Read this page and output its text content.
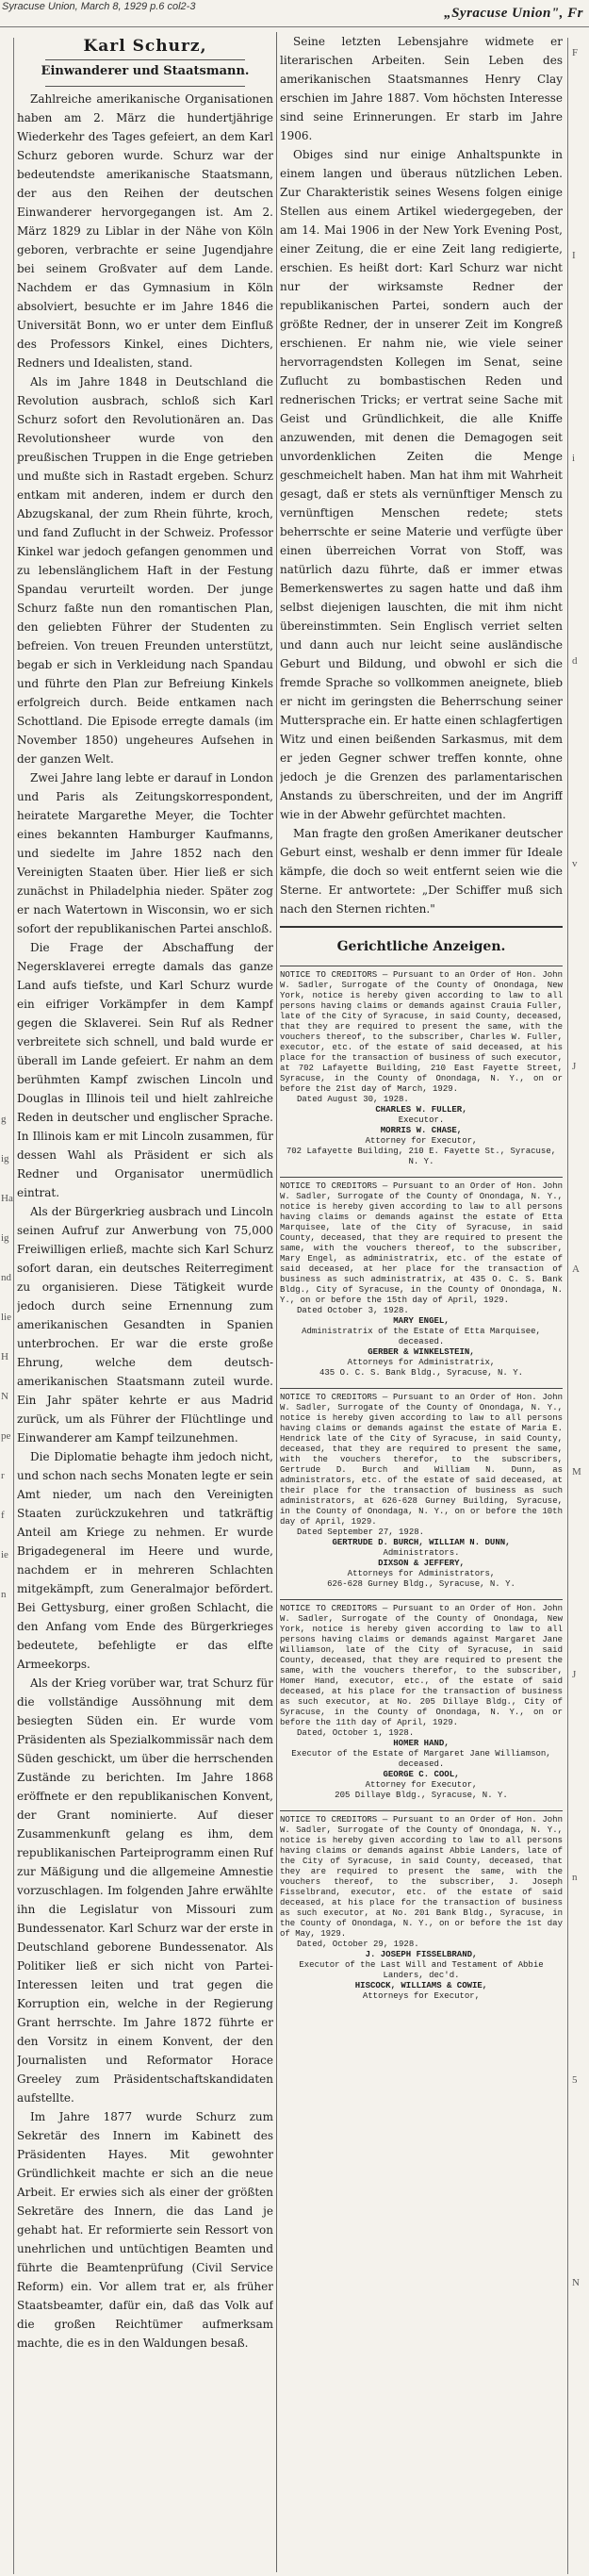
Syracuse Union, March 8, 1929 p.6 col2-3	„Syracuse Union", Fr
g
ig
Ha
ig
nd
lie
H
N
pe
r
f
ie
n
F
I
i
d
v
J
A
M
J
n
5
N
Karl Schurz,
Einwanderer und Staatsmann.

Zahlreiche amerikanische Organisationen haben am 2. März die hundertjährige Wiederkehr des Tages gefeiert, an dem Karl Schurz geboren wurde. Schurz war der bedeutendste amerikanische Staatsmann, der aus den Reihen der deutschen Einwanderer hervorgegangen ist. Am 2. März 1829 zu Liblar in der Nähe von Köln geboren, verbrachte er seine Jugendjahre bei seinem Großvater auf dem Lande. Nachdem er das Gymnasium in Köln absolviert, besuchte er im Jahre 1846 die Universität Bonn, wo er unter dem Einfluß des Professors Kinkel, eines Dichters, Redners und Idealisten, stand.

Als im Jahre 1848 in Deutschland die Revolution ausbrach, schloß sich Karl Schurz sofort den Revolutionären an. Das Revolutionsheer wurde von den preußischen Truppen in die Enge getrieben und mußte sich in Rastadt ergeben. Schurz entkam mit anderen, indem er durch den Abzugskanal, der zum Rhein führte, kroch, und fand Zuflucht in der Schweiz. Professor Kinkel war jedoch gefangen genommen und zu lebenslänglichem Haft in der Festung Spandau verurteilt worden. Der junge Schurz faßte nun den romantischen Plan, den geliebten Führer der Studenten zu befreien. Von treuen Freunden unterstützt, begab er sich in Verkleidung nach Spandau und führte den Plan zur Befreiung Kinkels erfolgreich durch. Beide entkamen nach Schottland. Die Episode erregte damals (im November 1850) ungeheures Aufsehen in der ganzen Welt.

Zwei Jahre lang lebte er darauf in London und Paris als Zeitungskorrespondent, heiratete Margarethe Meyer, die Tochter eines bekannten Hamburger Kaufmanns, und siedelte im Jahre 1852 nach den Vereinigten Staaten über. Hier ließ er sich zunächst in Philadelphia nieder. Später zog er nach Watertown in Wisconsin, wo er sich sofort der republikanischen Partei anschloß.

Die Frage der Abschaffung der Negersklaverei erregte damals das ganze Land aufs tiefste, und Karl Schurz wurde ein eifriger Vorkämpfer in dem Kampf gegen die Sklaverei. Sein Ruf als Redner verbreitete sich schnell, und bald wurde er überall im Lande gefeiert. Er nahm an dem berühmten Kampf zwischen Lincoln und Douglas in Illinois teil und hielt zahlreiche Reden in deutscher und englischer Sprache. In Illinois kam er mit Lincoln zusammen, für dessen Wahl als Präsident er sich als Redner und Organisator unermüdlich eintrat.

Als der Bürgerkrieg ausbrach und Lincoln seinen Aufruf zur Anwerbung von 75,000 Freiwilligen erließ, machte sich Karl Schurz sofort daran, ein deutsches Reiterregiment zu organisieren. Diese Tätigkeit wurde jedoch durch seine Ernennung zum amerikanischen Gesandten in Spanien unterbrochen. Er war die erste große Ehrung, welche dem deutsch-amerikanischen Staatsmann zuteil wurde. Ein Jahr später kehrte er aus Madrid zurück, um als Führer der Flüchtlinge und Einwanderer am Kampf teilzunehmen.

Die Diplomatie behagte ihm jedoch nicht, und schon nach sechs Monaten legte er sein Amt nieder, um nach den Vereinigten Staaten zurückzukehren und tatkräftig Anteil am Kriege zu nehmen. Er wurde Brigadegeneral im Heere und wurde, nachdem er in mehreren Schlachten mitgekämpft, zum Generalmajor befördert. Bei Gettysburg, einer großen Schlacht, die den Anfang vom Ende des Bürgerkrieges bedeutete, befehligte er das elfte Armeekorps.

Als der Krieg vorüber war, trat Schurz für die vollständige Aussöhnung mit dem besiegten Süden ein. Er wurde vom Präsidenten als Spezialkommissär nach dem Süden geschickt, um über die herrschenden Zustände zu berichten. Im Jahre 1868 eröffnete er den republikanischen Konvent, der Grant nominierte. Auf dieser Zusammenkunft gelang es ihm, dem republikanischen Parteiprogramm einen Ruf zur Mäßigung und die allgemeine Amnestie vorzuschlagen. Im folgenden Jahre erwählte ihn die Legislatur von Missouri zum Bundessenator. Karl Schurz war der erste in Deutschland geborene Bundessenator. Als Politiker ließ er sich nicht von Partei-Interessen leiten und trat gegen die Korruption ein, welche in der Regierung Grant herrschte. Im Jahre 1872 führte er den Vorsitz in einem Konvent, der den Journalisten und Reformator Horace Greeley zum Präsidentschaftskandidaten aufstellte.

Im Jahre 1877 wurde Schurz zum Sekretär des Innern im Kabinett des Präsidenten Hayes. Mit gewohnter Gründlichkeit machte er sich an die neue Arbeit. Er erwies sich als einer der größten Sekretäre des Innern, die das Land je gehabt hat. Er reformierte sein Ressort von unehrlichen und untüchtigen Beamten und führte die Beamtenprüfung (Civil Service Reform) ein. Vor allem trat er, als früher Staatsbeamter, dafür ein, daß das Volk auf die großen Reichtümer aufmerksam machte, die es in den Waldungen besaß.

Seine letzten Lebensjahre widmete er literarischen Arbeiten. Sein Leben des amerikanischen Staatsmannes Henry Clay erschien im Jahre 1887. Vom höchsten Interesse sind seine Erinnerungen. Er starb im Jahre 1906.

Obiges sind nur einige Anhaltspunkte in einem langen und überaus nützlichen Leben. Zur Charakteristik seines Wesens folgen einige Stellen aus einem Artikel wiedergegeben, der am 14. Mai 1906 in der New York Evening Post, einer Zeitung, die er eine Zeit lang redigierte, erschien. Es heißt dort: Karl Schurz war nicht nur der wirksamste Redner der republikanischen Partei, sondern auch der größte Redner, der in unserer Zeit im Kongreß erschienen. Er nahm nie, wie viele seiner hervorragendsten Kollegen im Senat, seine Zuflucht zu bombastischen Reden und rednerischen Tricks; er vertrat seine Sache mit Geist und Gründlichkeit, die alle Kniffe anzuwenden, mit denen die Demagogen seit unvordenklichen Zeiten die Menge geschmeichelt haben. Man hat ihm mit Wahrheit gesagt, daß er stets als vernünftiger Mensch zu vernünftigen Menschen redete; stets beherrschte er seine Materie und verfügte über einen überreichen Vorrat von Stoff, was natürlich dazu führte, daß er immer etwas Bemerkenswertes zu sagen hatte und daß ihm selbst diejenigen lauschten, die mit ihm nicht übereinstimmten. Sein Englisch verriet selten und dann auch nur leicht seine ausländische Geburt und Bildung, und obwohl er sich die fremde Sprache so vollkommen aneignete, blieb er nicht im geringsten die Beherrschung seiner Muttersprache ein. Er hatte einen schlagfertigen Witz und einen beißenden Sarkasmus, mit dem er jeden Gegner schwer treffen konnte, ohne jedoch je die Grenzen des parlamentarischen Anstands zu überschreiten, und der im Angriff wie in der Abwehr gefürchtet machten.

Man fragte den großen Amerikaner deutscher Geburt einst, weshalb er denn immer für Ideale kämpfe, die doch so weit entfernt seien wie die Sterne. Er antwortete: „Der Schiffer muß sich nach den Sternen richten."

Gerichtliche Anzeigen.

NOTICE TO CREDITORS — Pursuant to an Order of Hon. John W. Sadler, Surrogate of the County of Onondaga, New York, notice is hereby given according to law to all persons having claims or demands against Crauia Fuller, late of the City of Syracuse, in said County, deceased, that they are required to present the same, with the vouchers thereof, to the subscriber, Charles W. Fuller, executor, etc. of the estate of said deceased, at his place for the transaction of business of such executor, at 702 Lafayette Building, 210 East Fayette Street, Syracuse, in the County of Onondaga, N. Y., on or before the 21st day of March, 1929.

Dated August 30, 1928.

CHARLES W. FULLER,

Executor.

MORRIS W. CHASE,

Attorney for Executor,

702 Lafayette Building, 210 E. Fayette St., Syracuse, N. Y.

NOTICE TO CREDITORS — Pursuant to an Order of Hon. John W. Sadler, Surrogate of the County of Onondaga, N. Y., notice is hereby given according to law to all persons having claims or demands against the estate of Etta Marquisee, late of the City of Syracuse, in said County, deceased, that they are required to present the same, with the vouchers thereof, to the subscriber, Mary Engel, as administratrix, etc. of the estate of said deceased, at her place for the transaction of business as such administratrix, at 435 O. C. S. Bank Bldg., City of Syracuse, in the County of Onondaga, N. Y., on or before the 15th day of April, 1929.

Dated October 3, 1928.

MARY ENGEL,

Administratrix of the Estate of Etta Marquisee, deceased.

GERBER & WINKELSTEIN,

Attorneys for Administratrix,

435 O. C. S. Bank Bldg., Syracuse, N. Y.

NOTICE TO CREDITORS — Pursuant to an Order of Hon. John W. Sadler, Surrogate of the County of Onondaga, N. Y., notice is hereby given according to law to all persons having claims or demands against the estate of Maria E. Hendrick late of the City of Syracuse, in said County, deceased, that they are required to present the same, with the vouchers therefor, to the subscribers, Gertrude D. Burch and William N. Dunn, as administrators, etc. of the estate of said deceased, at their place for the transaction of business as such administrators, at 626-628 Gurney Building, Syracuse, in the County of Onondaga, N. Y., on or before the 10th day of April, 1929.

Dated September 27, 1928.

GERTRUDE D. BURCH, WILLIAM N. DUNN,

Administrators.

DIXSON & JEFFERY,

Attorneys for Administrators,

626-628 Gurney Bldg., Syracuse, N. Y.

NOTICE TO CREDITORS — Pursuant to an Order of Hon. John W. Sadler, Surrogate of the County of Onondaga, New York, notice is hereby given according to law to all persons having claims or demands against Margaret Jane Williamson, late of the City of Syracuse, in said County, deceased, that they are required to present the same, with the vouchers therefor, to the subscriber, Homer Hand, executor, etc., of the estate of said deceased, at his place for the transaction of business as such executor, at No. 205 Dillaye Bldg., City of Syracuse, in the County of Onondaga, N. Y., on or before the 11th day of April, 1929.

Dated, October 1, 1928.

HOMER HAND,

Executor of the Estate of Margaret Jane Williamson, deceased.

GEORGE C. COOL,

Attorney for Executor,

205 Dillaye Bldg., Syracuse, N. Y.

NOTICE TO CREDITORS — Pursuant to an Order of Hon. John W. Sadler, Surrogate of the County of Onondaga, N. Y., notice is hereby given according to law to all persons having claims or demands against Abbie Landers, late of the City of Syracuse, in said County, deceased, that they are required to present the same, with the vouchers thereof, to the subscriber, J. Joseph Fisselbrand, executor, etc. of the estate of said deceased, at his place for the transaction of business as such executor, at No. 201 Bank Bldg., Syracuse, in the County of Onondaga, N. Y., on or before the 1st day of May, 1929.

Dated, October 29, 1928.

J. JOSEPH FISSELBRAND,

Executor of the Last Will and Testament of Abbie Landers, dec'd.

HISCOCK, WILLIAMS & COWIE,

Attorneys for Executor,
